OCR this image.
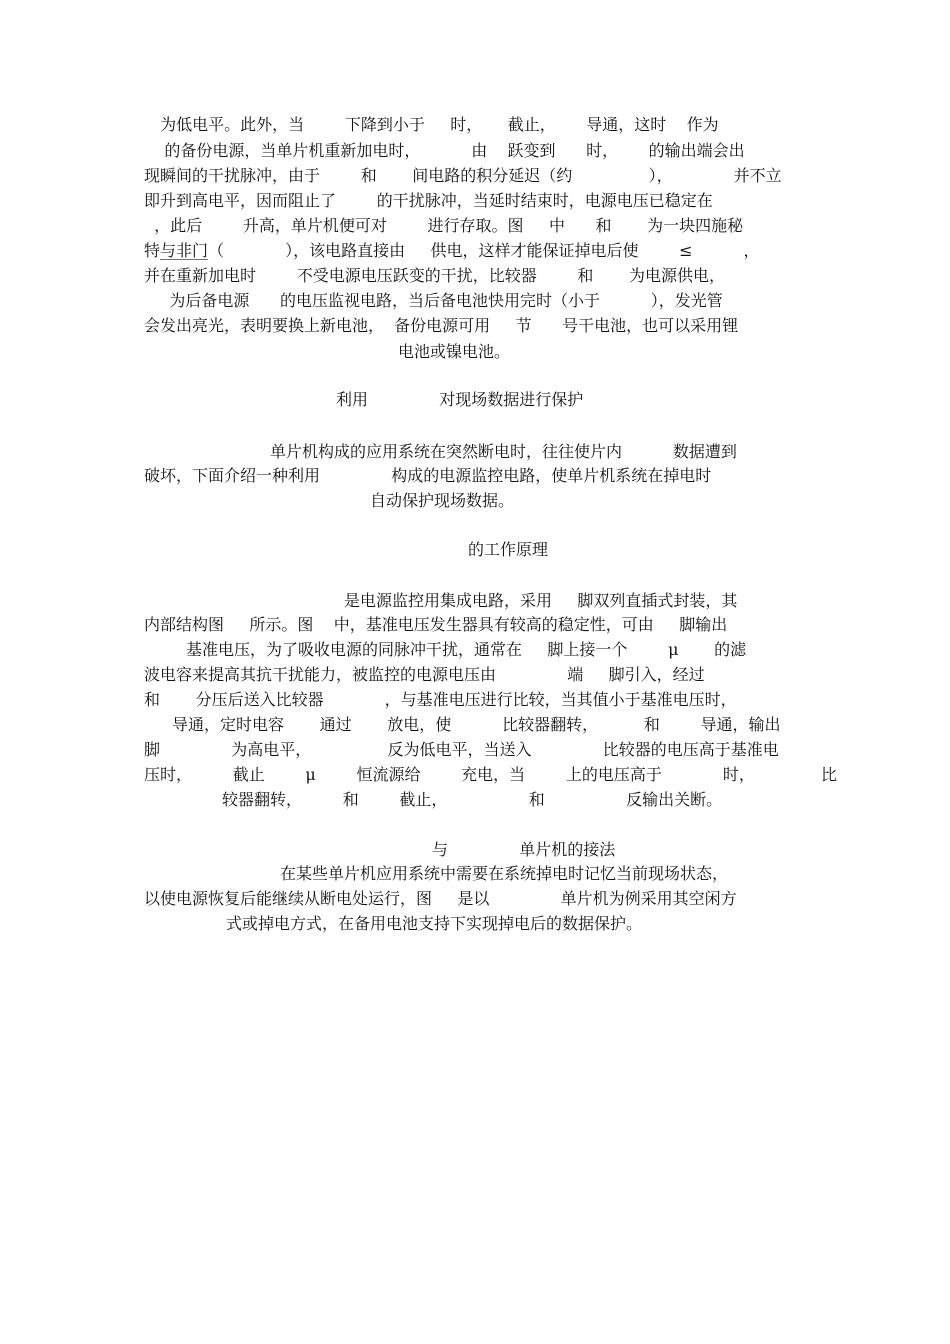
为低电平。此外，当        下降到小于     时，     截止，      导通，这时    作为

的备份电源，当单片机重新加电时，          由    跃变到      时，      的输出端会出

现瞬间的干扰脉冲，由于        和       间电路的积分延迟（约               ），            并不立

即升到高电平，因而阻止了        的干扰脉冲，当延时结束时，电源电压已稳定在

，此后        升高，单片机便可对        进行存取。图     中      和       为一块四施秘

特与非门（            ），该电路直接由     供电，这样才能保证掉电后使        ≤          ，

并在重新加电时        不受电源电压跃变的干扰，比较器        和       为电源供电，

为后备电源      的电压监视电路，当后备电池快用完时（小于          ），发光管

会发出亮光，表明要换上新电池，  备份电源可用     节      号干电池，也可以采用锂

电池或镍电池。

利用              对现场数据进行保护

单片机构成的应用系统在突然断电时，往往使片内          数据遭到

破坏，下面介绍一种利用              构成的电源监控电路，使单片机系统在掉电时

自动保护现场数据。

的工作原理

是电源监控用集成电路，采用     脚双列直插式封装，其

内部结构图     所示。图    中，基准电压发生器具有较高的稳定性，可由     脚输出

基准电压，为了吸收电源的同脉冲干扰，通常在     脚上接一个        μ       的滤

波电容来提高其抗干扰能力，被监控的电源电压由              端     脚引入，经过

和       分压后送入比较器            ，与基准电压进行比较，当其值小于基准电压时，

导通，定时电容       通过       放电，使          比较器翻转，         和        导通，输出

脚              为高电平，               反为低电平，当送入              比较器的电压高于基准电

压时，        截止        μ        恒流源给        充电，当        上的电压高于            时，             比

较器翻转，        和        截止，                和                反输出关断。

与              单片机的接法

在某些单片机应用系统中需要在系统掉电时记忆当前现场状态，

以使电源恢复后能继续从断电处运行，图     是以              单片机为例采用其空闲方

式或掉电方式，在备用电池支持下实现掉电后的数据保护。
